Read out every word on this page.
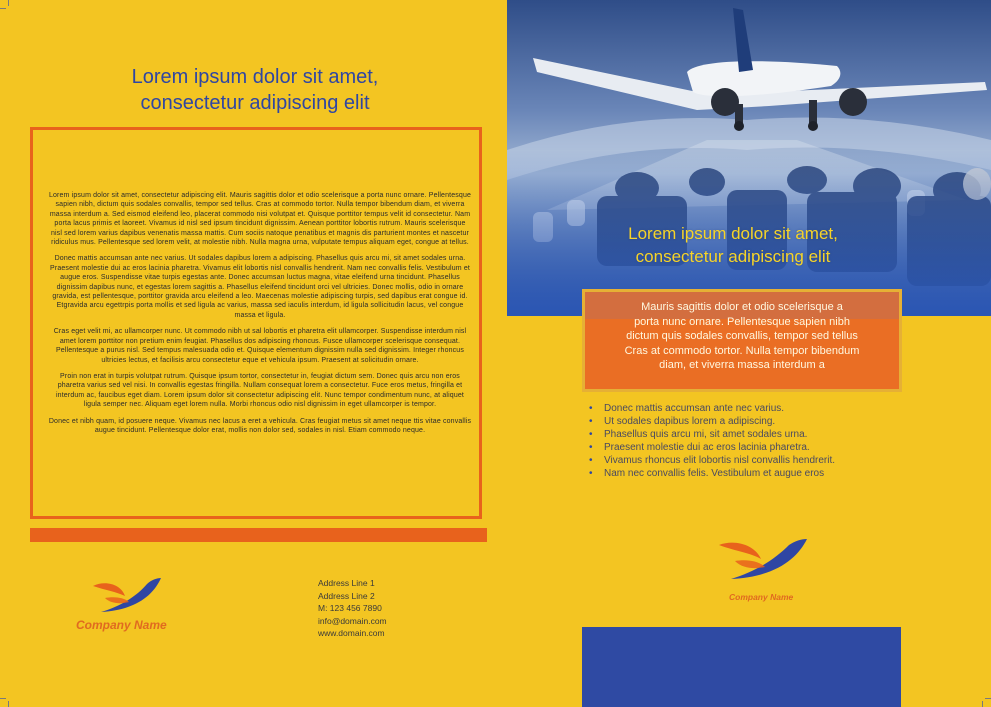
Lorem ipsum dolor sit amet,
consectetur adipiscing elit

Lorem ipsum dolor sit amet, consectetur adipiscing elit. Mauris sagittis dolor et odio scelerisque a porta nunc ornare. Pellentesque sapien nibh, dictum quis sodales convallis, tempor sed tellus. Cras at commodo tortor. Nulla tempor bibendum diam, et viverra massa interdum a. Sed eismod eleifend leo, placerat commodo nisi volutpat et. Quisque porttitor tempus velit id consectetur. Nam porta lacus primis et laoreet. Vivamus id nisl sed ipsum tincidunt dignissim. Aenean porttitor lobortis rutrum. Mauris scelerisque nisl sed lorem varius dapibus venenatis massa mattis. Cum sociis natoque penatibus et magnis dis parturient montes et nascetur ridiculus mus. Pellentesque sed lorem velit, at molestie nibh. Nulla magna urna, vulputate tempus aliquam eget, congue at tellus.

Donec mattis accumsan ante nec varius. Ut sodales dapibus lorem a adipiscing. Phasellus quis arcu mi, sit amet sodales urna. Praesent molestie dui ac eros lacinia pharetra. Vivamus elit lobortis nisl convallis hendrerit. Nam nec convallis felis. Vestibulum et augue eros. Suspendisse vitae turpis egestas ante. Donec accumsan luctus magna, vitae eleifend urna tincidunt. Phasellus dignissim dapibus nunc, et egestas lorem sagittis a. Phasellus eleifend tincidunt orci vel ultricies. Donec mollis, odio in ornare gravida, est pellentesque, porttitor gravida arcu eleifend a leo. Maecenas molestie adipiscing turpis, sed dapibus erat congue id. Etgravida arcu egettrpis porta mollis et sed ligula ac varius, massa sed iaculis interdum, id ligula sollicitudin lacus, vel congue massa et ligula.

Cras eget velit mi, ac ullamcorper nunc. Ut commodo nibh ut sal lobortis et pharetra elit ullamcorper. Suspendisse interdum nisl amet lorem porttitor non pretium enim feugiat. Phasellus dos adipiscing rhoncus. Fusce ullamcorper scelerisque consequat. Pellentesque a purus nisl. Sed tempus malesuada odio et. Quisque elementum dignissim nulla sed dignissim. Integer rhoncus ultricies lectus, et facilisis arcu consectetur eque et vehicula ipsum. Praesent at solicitudin ornare.

Proin non erat in turpis volutpat rutrum. Quisque ipsum tortor, consectetur in, feugiat dictum sem. Donec quis arcu non eros pharetra varius sed vel nisi. In convallis egestas fringilla. Nullam consequat lorem a consectetur. Fuce eros metus, fringilla et interdum ac, faucibus eget diam. Lorem ipsum dolor sit consectetur adipiscing elit. Nunc tempor condimentum nunc, at aliquet ligula semper nec. Aliquam eget lorem nulla. Morbi rhoncus odio nisl dignissim in eget ullamcorper is tempor.

Donec et nibh quam, id posuere neque. Vivamus nec lacus a eret a vehicula. Cras feugiat metus sit amet neque ttis vitae convallis augue tincidunt. Pellentesque dolor erat, mollis non dolor sed, sodales in nisl. Etiam commodo neque.

Company Name
Address Line 1
Address Line 2
M: 123 456 7890
info@domain.com
www.domain.com
Lorem ipsum dolor sit amet,
consectetur adipiscing elit
Mauris sagittis dolor et odio scelerisque a
porta nunc ornare. Pellentesque sapien nibh
dictum quis sodales convallis, tempor sed tellus
Cras at commodo tortor. Nulla tempor bibendum
diam, et viverra massa interdum a
• Donec mattis accumsan ante nec varius.
• Ut sodales dapibus lorem a adipiscing.
• Phasellus quis arcu mi, sit amet sodales urna.
• Praesent molestie dui ac eros lacinia pharetra.
• Vivamus rhoncus elit lobortis nisl convallis hendrerit.
• Nam nec convallis felis. Vestibulum et augue eros
Company Name
